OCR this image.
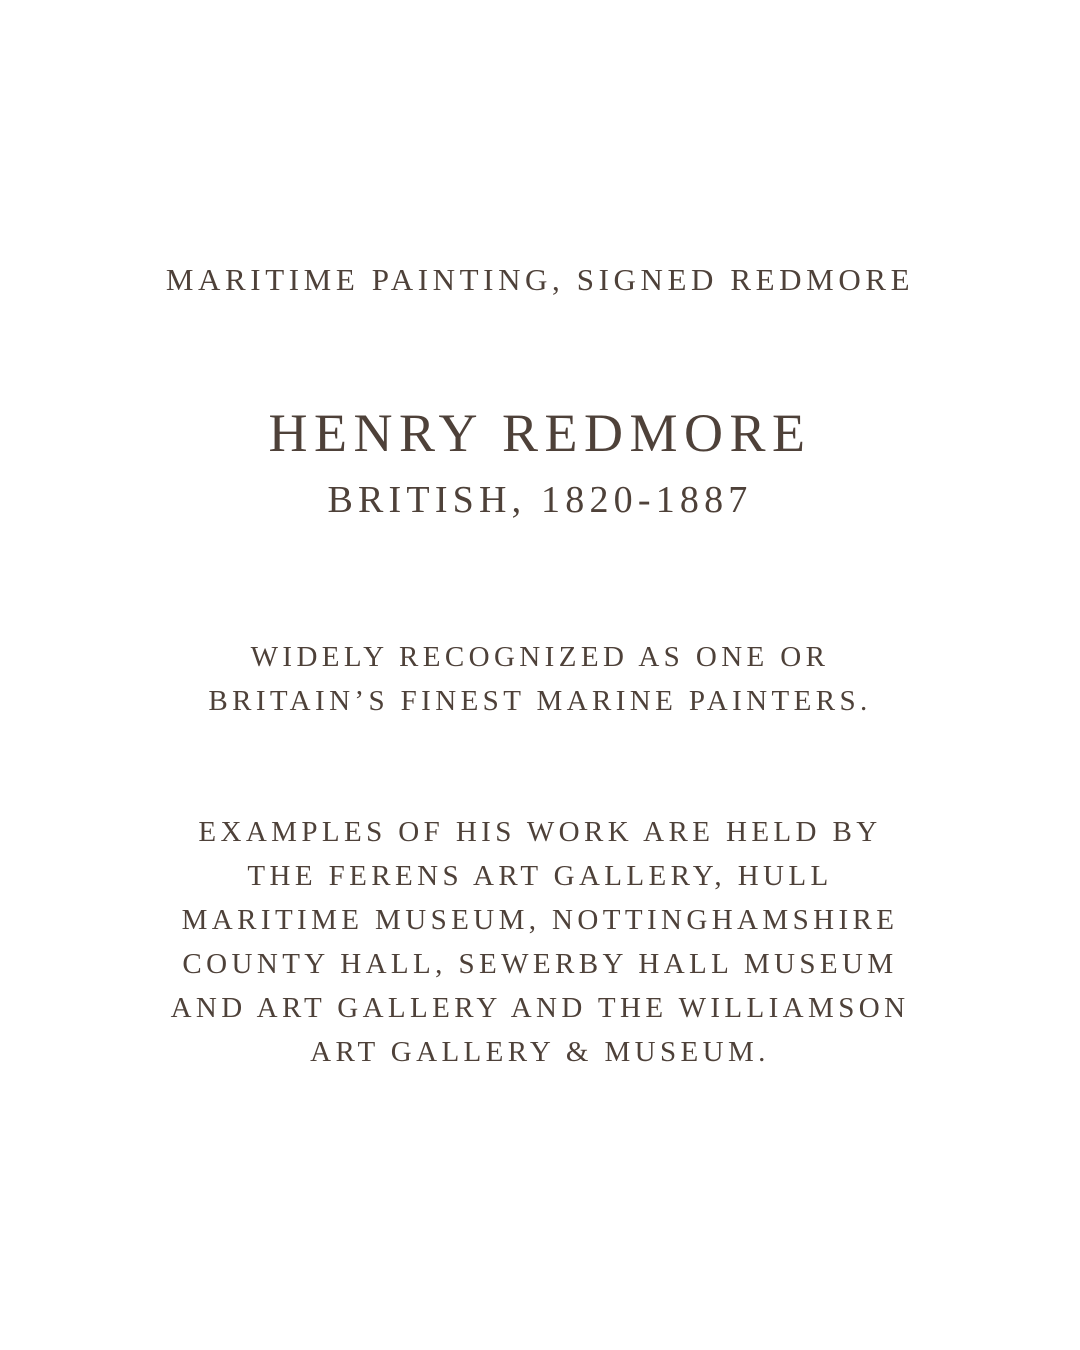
MARITIME PAINTING, SIGNED REDMORE
HENRY REDMORE
BRITISH, 1820-1887
WIDELY RECOGNIZED AS ONE OR
BRITAIN’S FINEST MARINE PAINTERS.
EXAMPLES OF HIS WORK ARE HELD BY
THE FERENS ART GALLERY, HULL
MARITIME MUSEUM, NOTTINGHAMSHIRE
COUNTY HALL, SEWERBY HALL MUSEUM
AND ART GALLERY AND THE WILLIAMSON
ART GALLERY & MUSEUM.
